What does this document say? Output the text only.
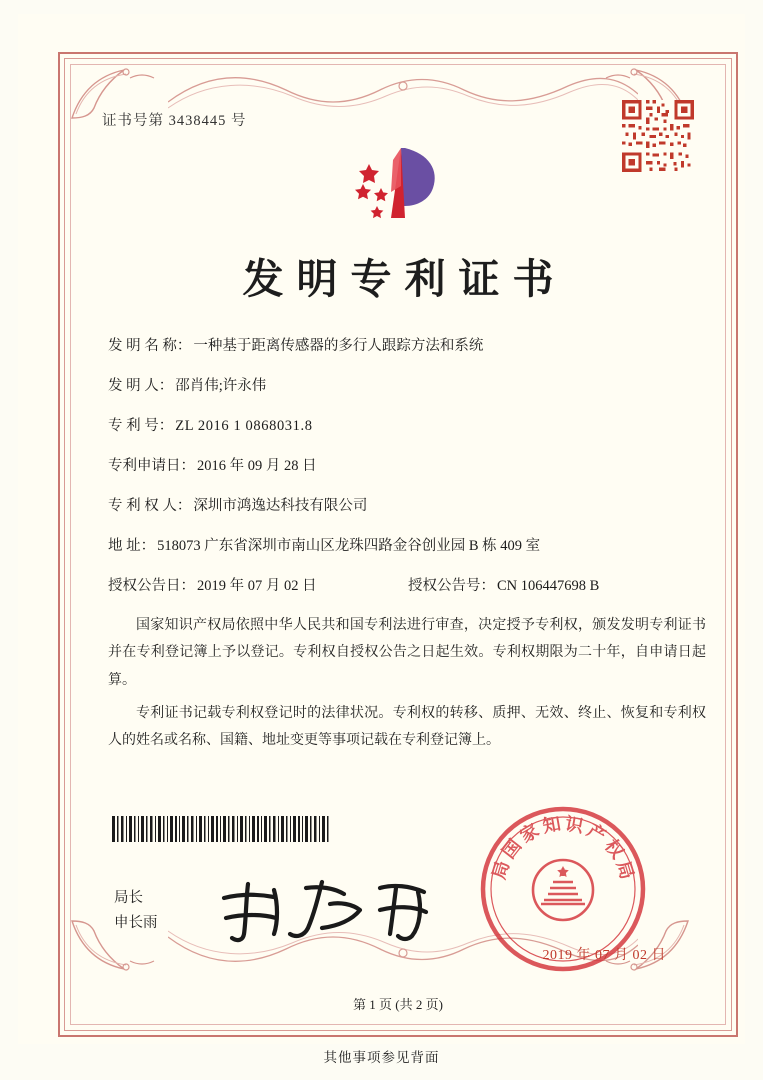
证书号第 3438445 号
发明专利证书
发 明 名 称： 一种基于距离传感器的多行人跟踪方法和系统
发 明 人： 邵肖伟;许永伟
专 利 号： ZL 2016 1 0868031.8
专利申请日： 2016 年 09 月 28 日
专 利 权 人： 深圳市鸿逸达科技有限公司
地 址： 518073 广东省深圳市南山区龙珠四路金谷创业园 B 栋 409 室
授权公告日： 2019 年 07 月 02 日	授权公告号： CN 106447698 B

国家知识产权局依照中华人民共和国专利法进行审查，决定授予专利权，颁发发明专利证书并在专利登记簿上予以登记。专利权自授权公告之日起生效。专利权期限为二十年，自申请日起算。

专利证书记载专利权登记时的法律状况。专利权的转移、质押、无效、终止、恢复和专利权人的姓名或名称、国籍、地址变更等事项记载在专利登记簿上。

国
家
知 识
产
权
局
局
2019 年 07 月 02 日
局长
申长雨
第 1 页 (共 2 页)
其他事项参见背面
